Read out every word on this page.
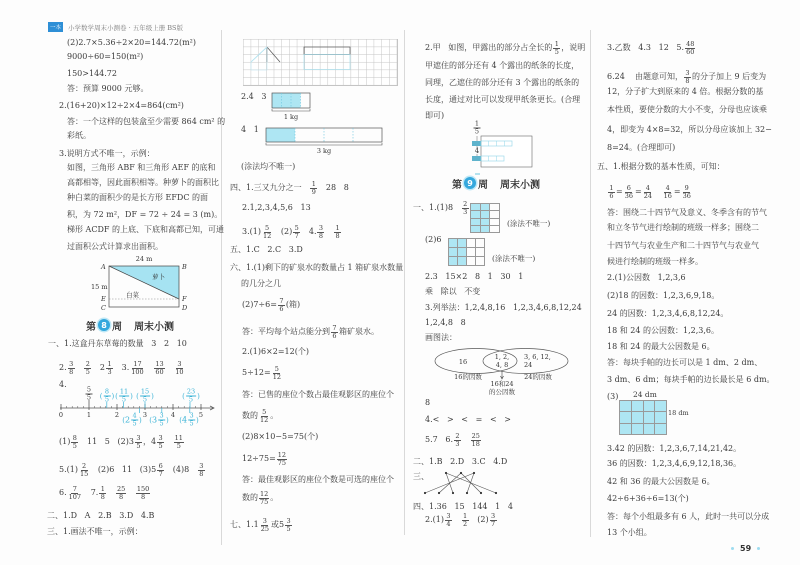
一本	小学数学周末小测卷 · 五年级上册 BS版
(2)2.7×5.36÷2×20=144.72(m²)
9000÷60=150(m²)
150>144.72
答：预算 9000 元够。
2.(16+20)×12÷2×4=864(cm²)
答：一个这样的包装盒至少需要 864 cm² 的
彩纸。
3.说明方式不唯一，示例：
如图，三角形 ABF 和三角形 AEF 的底和
高都相等，因此面积相等。种萝卜的面积比
种白菜的面积少的是长方形 EFDC 的面
积，为 72 m²，DF = 72 ÷ 24 = 3 (m)。
梯形 ACDF 的上底、下底和高都已知，可通
过面积公式计算求出面积。
A	B
E	F
C	D
24 m
15 m
萝卜
白菜
第 8 周 周末小测
一、1.这盒丹东草莓的数量   3   2   10
2. $\frac{3}{8}$
$\frac{2}{5}$
$2 \frac{1}{3} 3$. $\frac{17}{100}$
$\frac{13}{60}$
$\frac{3}{10}$
4.
0	1	2	3	4	5
$\frac{5}{5}$ ( $\frac{8}{5}$ ) ( $\frac{11}{5}$ ) ( $\frac{15}{5}$ )	( $\frac{23}{5}$ )
( $2 \frac{4}{5}$ ) ( $3 \frac{3}{5}$ ) ( $4 \frac{3}{5}$ )
$(1) \frac{8}{5} 11$   5   (2) $3 \frac{3}{5}$ ， $4 \frac{3}{5}$
$\frac{11}{5}$
$5.(1) \frac{2}{15} (2)6$   11   (3) $5 \frac{6}{7} (4)8 \frac{3}{8}$
6. $\frac{7}{107} 7$. $\frac{1}{8}$
$\frac{25}{8}$
$\frac{150}{8}$
二、1.D   A   2.B   3.D   4.B
三、1.画法不唯一，示例：
2.4   3
4   1
1 kg
3 kg
(涂法均不唯一)
四、1.三又九分之一 $\frac{1}{9} 28$   8
2.1,2,3,4,5,6   13
$3.(1) \frac{5}{12} (2) \frac{5}{7} 4$. $\frac{3}{8}$
$\frac{1}{8}$
五、1.C   2.C   3.D
六、1.(1)剩下的矿泉水的数量占 1 箱矿泉水数量
的几分之几
$(2)7\div 6= \frac{7}{6}$ (箱)
答：平均每个站点能分到 $\frac{7}{6}$ 箱矿泉水。
2.(1)6×2=12(个)
$5\div 12= \frac{5}{12}$
答：已售的座位个数占最佳观影区的座位个
数的 $\frac{5}{12}$ 。
(2)8×10−5=75(个)
$12\div 75= \frac{12}{75}$
答：最佳观影区的座位个数是可选的座位个
数的 $\frac{12}{75}$ 。
七、1. $1 \frac{3}{25}$ 或 $5 \frac{3}{5}$
2.甲   如图，甲露出的部分占全长的 $\frac{1}{5}$ ，说明
甲遮住的部分还有 4 个露出的纸条的长度，
同理，乙遮住的部分还有 3 个露出的纸条的
长度，通过对比可以发现甲纸条更长。(合理
即可)
$\frac{1}{5}$
4
第 9 周 周末小测
一、$1.(1)8 \frac{2}{3}$
(涂法不唯一)
(2)6
(涂法不唯一)
2.3   15×2   8   1   30   1
乘   除以   不变
3.列举法：1,2,4,8,16   1,2,3,4,6,8,12,24
1,2,4,8   8
画图法：
16
1, 2,
4, 8
3, 6, 12,
24
16的因数	24的因数
16和24
的公因数
8
4.<   >   <   =   <   >
5.7   6. $\frac{2}{3}$
$\frac{25}{18}$
二、1.B   2.D   3.C   4.D
三、
四、1.36   15   144   1   4
$2.(1) \frac{3}{4}$
$\frac{1}{2} (2) \frac{3}{7}$
3.乙数   4.3   12   5. $\frac{48}{60}$
6.24    由题意可知， $\frac{3}{8}$ 的分子加上 9 后变为
12，分子扩大到原来的 4 倍。根据分数的基
本性质，要使分数的大小不变，分母也应该乘
4，即变为 4×8=32，所以分母应该加上 32−
8=24。(合理即可)
五、1.根据分数的基本性质，可知：
$\frac{1}{6} = \frac{6}{36} = \frac{4}{24}$
$\frac{4}{16} = \frac{9}{36}$
答：围绕二十四节气及意义、冬季含有的节气
和立冬节气进行绘制的班级一样多；围绕二
十四节气与农业生产和二十四节气与农业气
候进行绘制的班级一样多。
2.(1)公因数   1,2,3,6
(2)18 的因数：1,2,3,6,9,18。
24 的因数：1,2,3,4,6,8,12,24。
18 和 24 的公因数：1,2,3,6。
18 和 24 的最大公因数是 6。
答：每块手帕的边长可以是 1 dm、2 dm、
3 dm、6 dm；每块手帕的边长最长是 6 dm。
(3) 24 dm
18 dm
3.42 的因数：1,2,3,6,7,14,21,42。
36 的因数：1,2,3,4,6,9,12,18,36。
42 和 36 的最大公因数是 6。
42÷6+36÷6=13(个)
答：每个小组最多有 6 人，此时一共可以分成
13 个小组。
59
